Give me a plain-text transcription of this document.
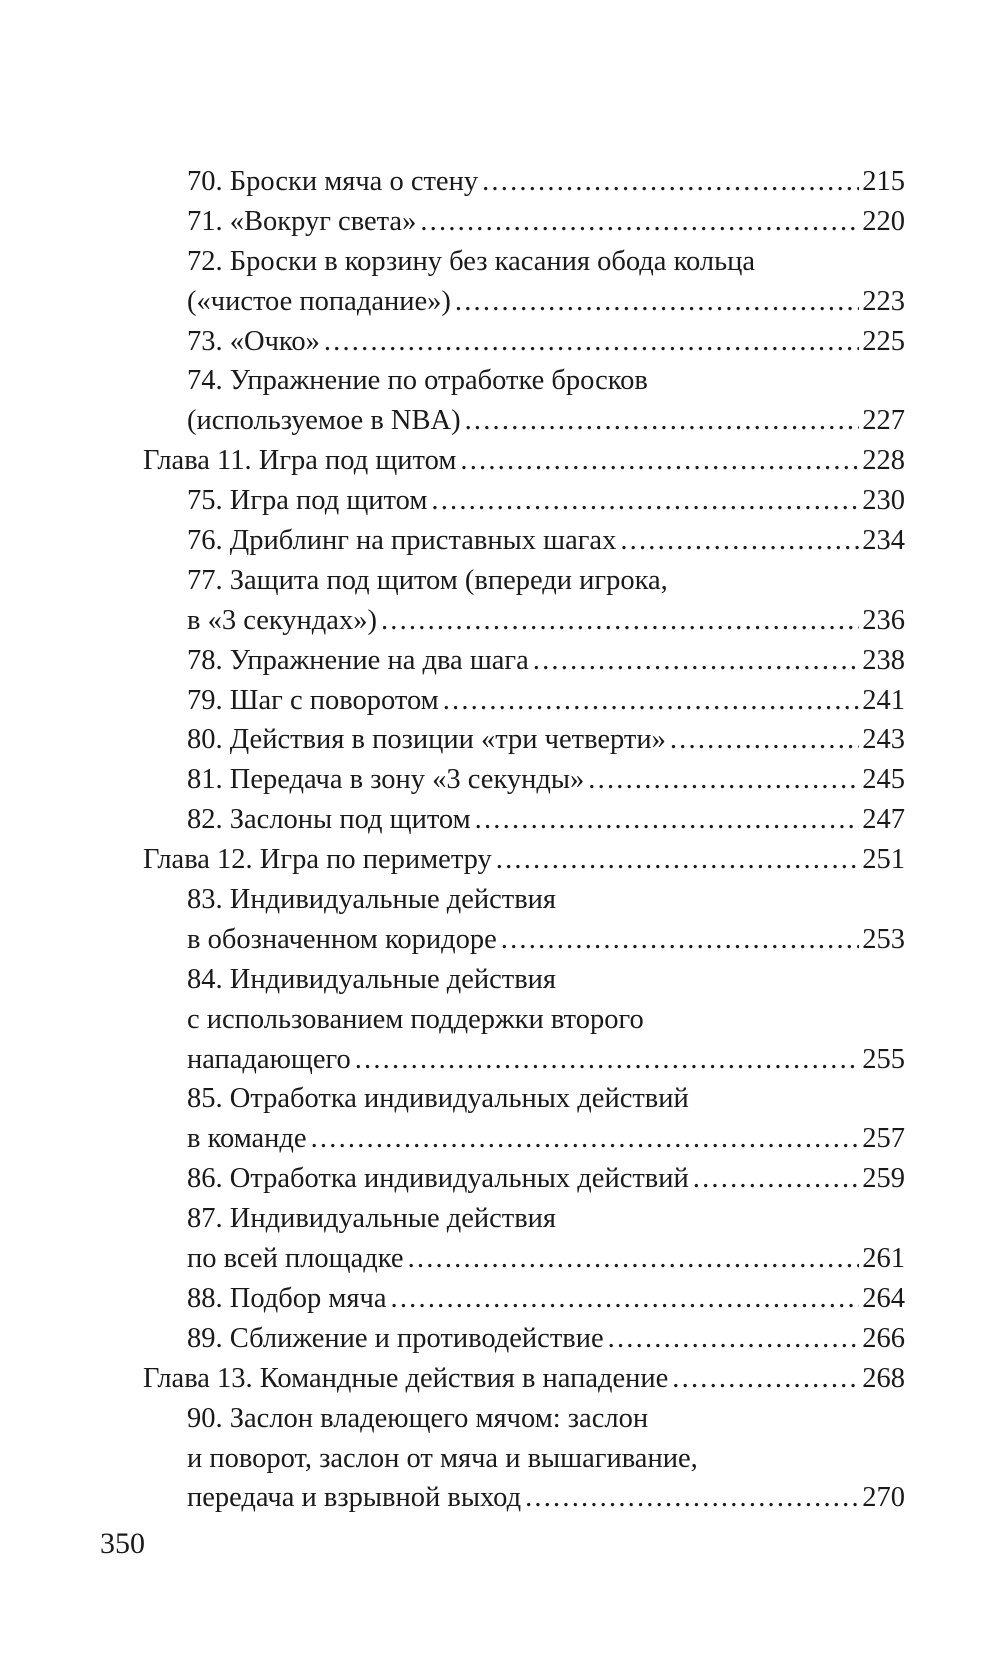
70. Броски мяча о стену .....	215
71. «Вокруг света» .....	220
72. Броски в корзину без касания обода кольца
(«чистое попадание») .....	223
73. «Очко» .....	225
74. Упражнение по отработке бросков
(используемое в NBA) .....	227
Глава 11. Игра под щитом .....	228
75. Игра под щитом .....	230
76. Дриблинг на приставных шагах .....	234
77. Защита под щитом (впереди игрока,
в «3 секундах») .....	236
78. Упражнение на два шага .....	238
79. Шаг с поворотом .....	241
80. Действия в позиции «три четверти» .....	243
81. Передача в зону «3 секунды» .....	245
82. Заслоны под щитом .....	247
Глава 12. Игра по периметру .....	251
83. Индивидуальные действия
в обозначенном коридоре .....	253
84. Индивидуальные действия
с использованием поддержки второго
нападающего .....	255
85. Отработка индивидуальных действий
в команде .....	257
86. Отработка индивидуальных действий .....	259
87. Индивидуальные действия
по всей площадке .....	261
88. Подбор мяча .....	264
89. Сближение и противодействие .....	266
Глава 13. Командные действия в нападение .....	268
90. Заслон владеющего мячом: заслон
и поворот, заслон от мяча и вышагивание,
передача и взрывной выход .....	270
350
